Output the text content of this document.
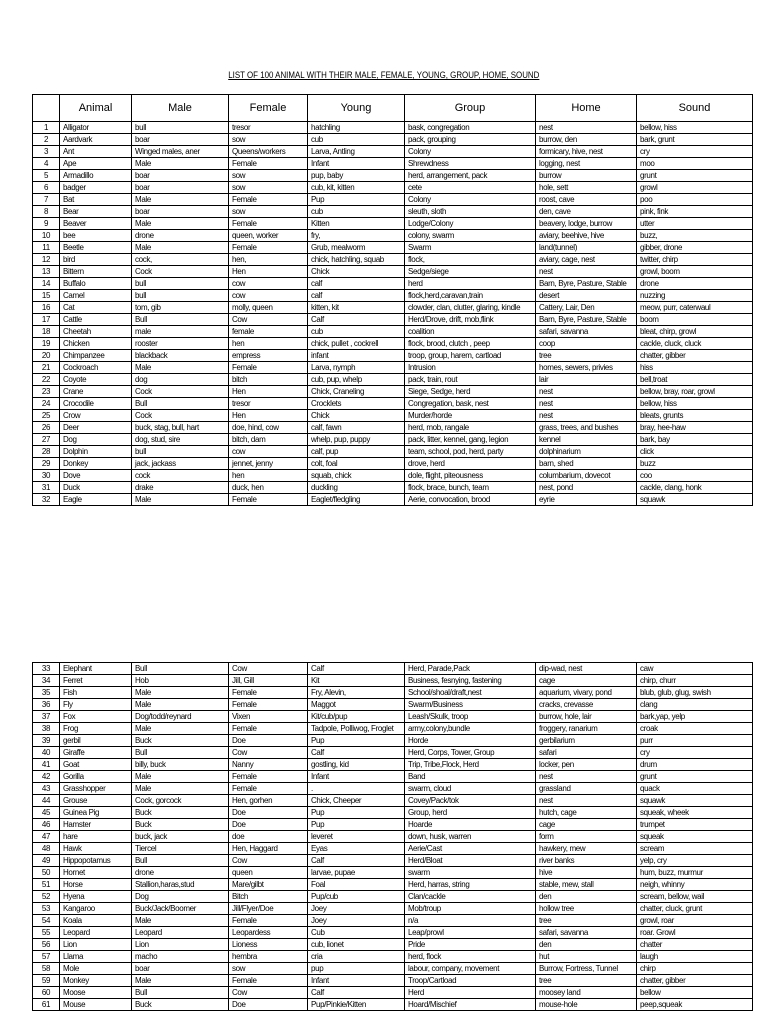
LIST OF 100 ANIMAL WITH THEIR MALE, FEMALE, YOUNG, GROUP, HOME, SOUND
	Animal	Male	Female	Young	Group	Home	Sound
1	Alligator	bull	tresor	hatchling	bask, congregation	nest	bellow, hiss
2	Aardvark	boar	sow	cub	pack, grouping	burrow, den	bark, grunt
3	Ant	Winged males, aner	Queens/workers	Larva, Antling	Colony	formicary, hive, nest	cry
4	Ape	Male	Female	Infant	Shrewdness	logging, nest	moo
5	Armadillo	boar	sow	pup, baby	herd, arrangement, pack	burrow	grunt
6	badger	boar	sow	cub, kit, kitten	cete	hole, sett	growl
7	Bat	Male	Female	Pup	Colony	roost, cave	poo
8	Bear	boar	sow	cub	sleuth, sloth	den, cave	pink, fink
9	Beaver	Male	Female	Kitten	Lodge/Colony	beavery, lodge, burrow	utter
10	bee	drone	queen, worker	fry,	colony, swarm	aviary, beehive, hive	buzz,
11	Beetle	Male	Female	Grub, mealworm	Swarm	land(tunnel)	gibber, drone
12	bird	cock,	hen,	chick, hatchling, squab	flock,	aviary, cage, nest	twitter, chirp
13	Bittern	Cock	Hen	Chick	Sedge/siege	nest	growl, boom
14	Buffalo	bull	cow	calf	herd	Barn, Byre, Pasture, Stable	drone
15	Camel	bull	cow	calf	flock,herd,caravan,train	desert	nuzzing
16	Cat	tom, gib	molly, queen	kitten, kit	clowder, clan, clutter, glaring, kindle	Cattery, Lair, Den	meow, purr, caterwaul
17	Cattle	Bull	Cow	Calf	Herd/Drove, drift, mob,flink	Barn, Byre, Pasture, Stable	boom
18	Cheetah	male	female	cub	coalition	safari, savanna	bleat, chirp, growl
19	Chicken	rooster	hen	chick, pullet , cockrell	flock, brood, clutch , peep	coop	cackle, cluck, cluck
20	Chimpanzee	blackback	empress	infant	troop, group, harem, cartload	tree	chatter, gibber
21	Cockroach	Male	Female	Larva, nymph	Intrusion	homes, sewers, privies	hiss
22	Coyote	dog	bitch	cub, pup, whelp	pack, train, rout	lair	bell,troat
23	Crane	Cock	Hen	Chick, Craneling	Siege, Sedge, herd	nest	bellow, bray, roar, growl
24	Crocodile	Bull	tresor	Crocklets	Congregation, bask, nest	nest	bellow, hiss
25	Crow	Cock	Hen	Chick	Murder/horde	nest	bleats, grunts
26	Deer	buck, stag, bull, hart	doe, hind, cow	calf, fawn	herd, mob, rangale	grass, trees, and bushes	bray, hee-haw
27	Dog	dog, stud, sire	bitch, dam	whelp, pup, puppy	pack, litter, kennel, gang, legion	kennel	bark, bay
28	Dolphin	bull	cow	calf, pup	team, school, pod, herd, party	dolphinarium	click
29	Donkey	jack, jackass	jennet, jenny	colt, foal	drove, herd	barn, shed	buzz
30	Dove	cock	hen	squab, chick	dole, flight, piteousness	columbarium, dovecot	coo
31	Duck	drake	duck, hen	duckling	flock, brace, bunch, team	nest, pond	cackle, clang, honk
32	Eagle	Male	Female	Eaglet/fledgling	Aerie, convocation, brood	eyrie	squawk
33	Elephant	Bull	Cow	Calf	Herd, Parade,Pack	dip-wad, nest	caw
34	Ferret	Hob	Jill, Gill	Kit	Business, fesnying, fastening	cage	chirp, churr
35	Fish	Male	Female	Fry, Alevin,	School/shoal/draft,nest	aquarium, vivary, pond	blub, glub, glug, swish
36	Fly	Male	Female	Maggot	Swarm/Business	cracks, crevasse	clang
37	Fox	Dog/todd/reynard	Vixen	Kit/cub/pup	Leash/Skulk, troop	burrow, hole, lair	bark,yap, yelp
38	Frog	Male	Female	Tadpole, Polliwog, Froglet	army,colony,bundle	froggery, ranarium	croak
39	gerbil	Buck	Doe	Pup	Horde	gerbilarium	purr
40	Giraffe	Bull	Cow	Calf	Herd, Corps, Tower, Group	safari	cry
41	Goat	billy, buck	Nanny	gostling, kid	Trip, Tribe,Flock, Herd	locker, pen	drum
42	Gorilla	Male	Female	Infant	Band	nest	grunt
43	Grasshopper	Male	Female	.	swarm, cloud	grassland	quack
44	Grouse	Cock, gorcock	Hen, gorhen	Chick, Cheeper	Covey/Pack/tok	nest	squawk
45	Guinea Pig	Buck	Doe	Pup	Group, herd	hutch, cage	squeak, wheek
46	Hamster	Buck	Doe	Pup	Hoarde	cage	trumpet
47	hare	buck, jack	doe	leveret	down, husk, warren	form	squeak
48	Hawk	Tiercel	Hen, Haggard	Eyas	Aerie/Cast	hawkery, mew	scream
49	Hippopotamus	Bull	Cow	Calf	Herd/Bloat	river banks	yelp, cry
50	Hornet	drone	queen	larvae, pupae	swarm	hive	hum, buzz, murmur
51	Horse	Stallion,haras,stud	Mare/gilbt	Foal	Herd, harras, string	stable, mew, stall	neigh, whinny
52	Hyena	Dog	Bitch	Pup/cub	Clan/cackle	den	scream, bellow, wail
53	Kangaroo	Buck/Jack/Boomer	Jill/Flyer/Doe	Joey	Mob/troup	hollow tree	chatter, cluck, grunt
54	Koala	Male	Female	Joey	n/a	tree	growl, roar
55	Leopard	Leopard	Leopardess	Cub	Leap/prowl	safari, savanna	roar. Growl
56	Lion	Lion	Lioness	cub, lionet	Pride	den	chatter
57	Llama	macho	hembra	cria	herd, flock	hut	laugh
58	Mole	boar	sow	pup	labour, company, movement	Burrow, Fortress, Tunnel	chirp
59	Monkey	Male	Female	Infant	Troop/Cartload	tree	chatter, gibber
60	Moose	Bull	Cow	Calf	Herd	moosey land	bellow
61	Mouse	Buck	Doe	Pup/Pinkie/Kitten	Hoard/Mischief	mouse-hole	peep,squeak
